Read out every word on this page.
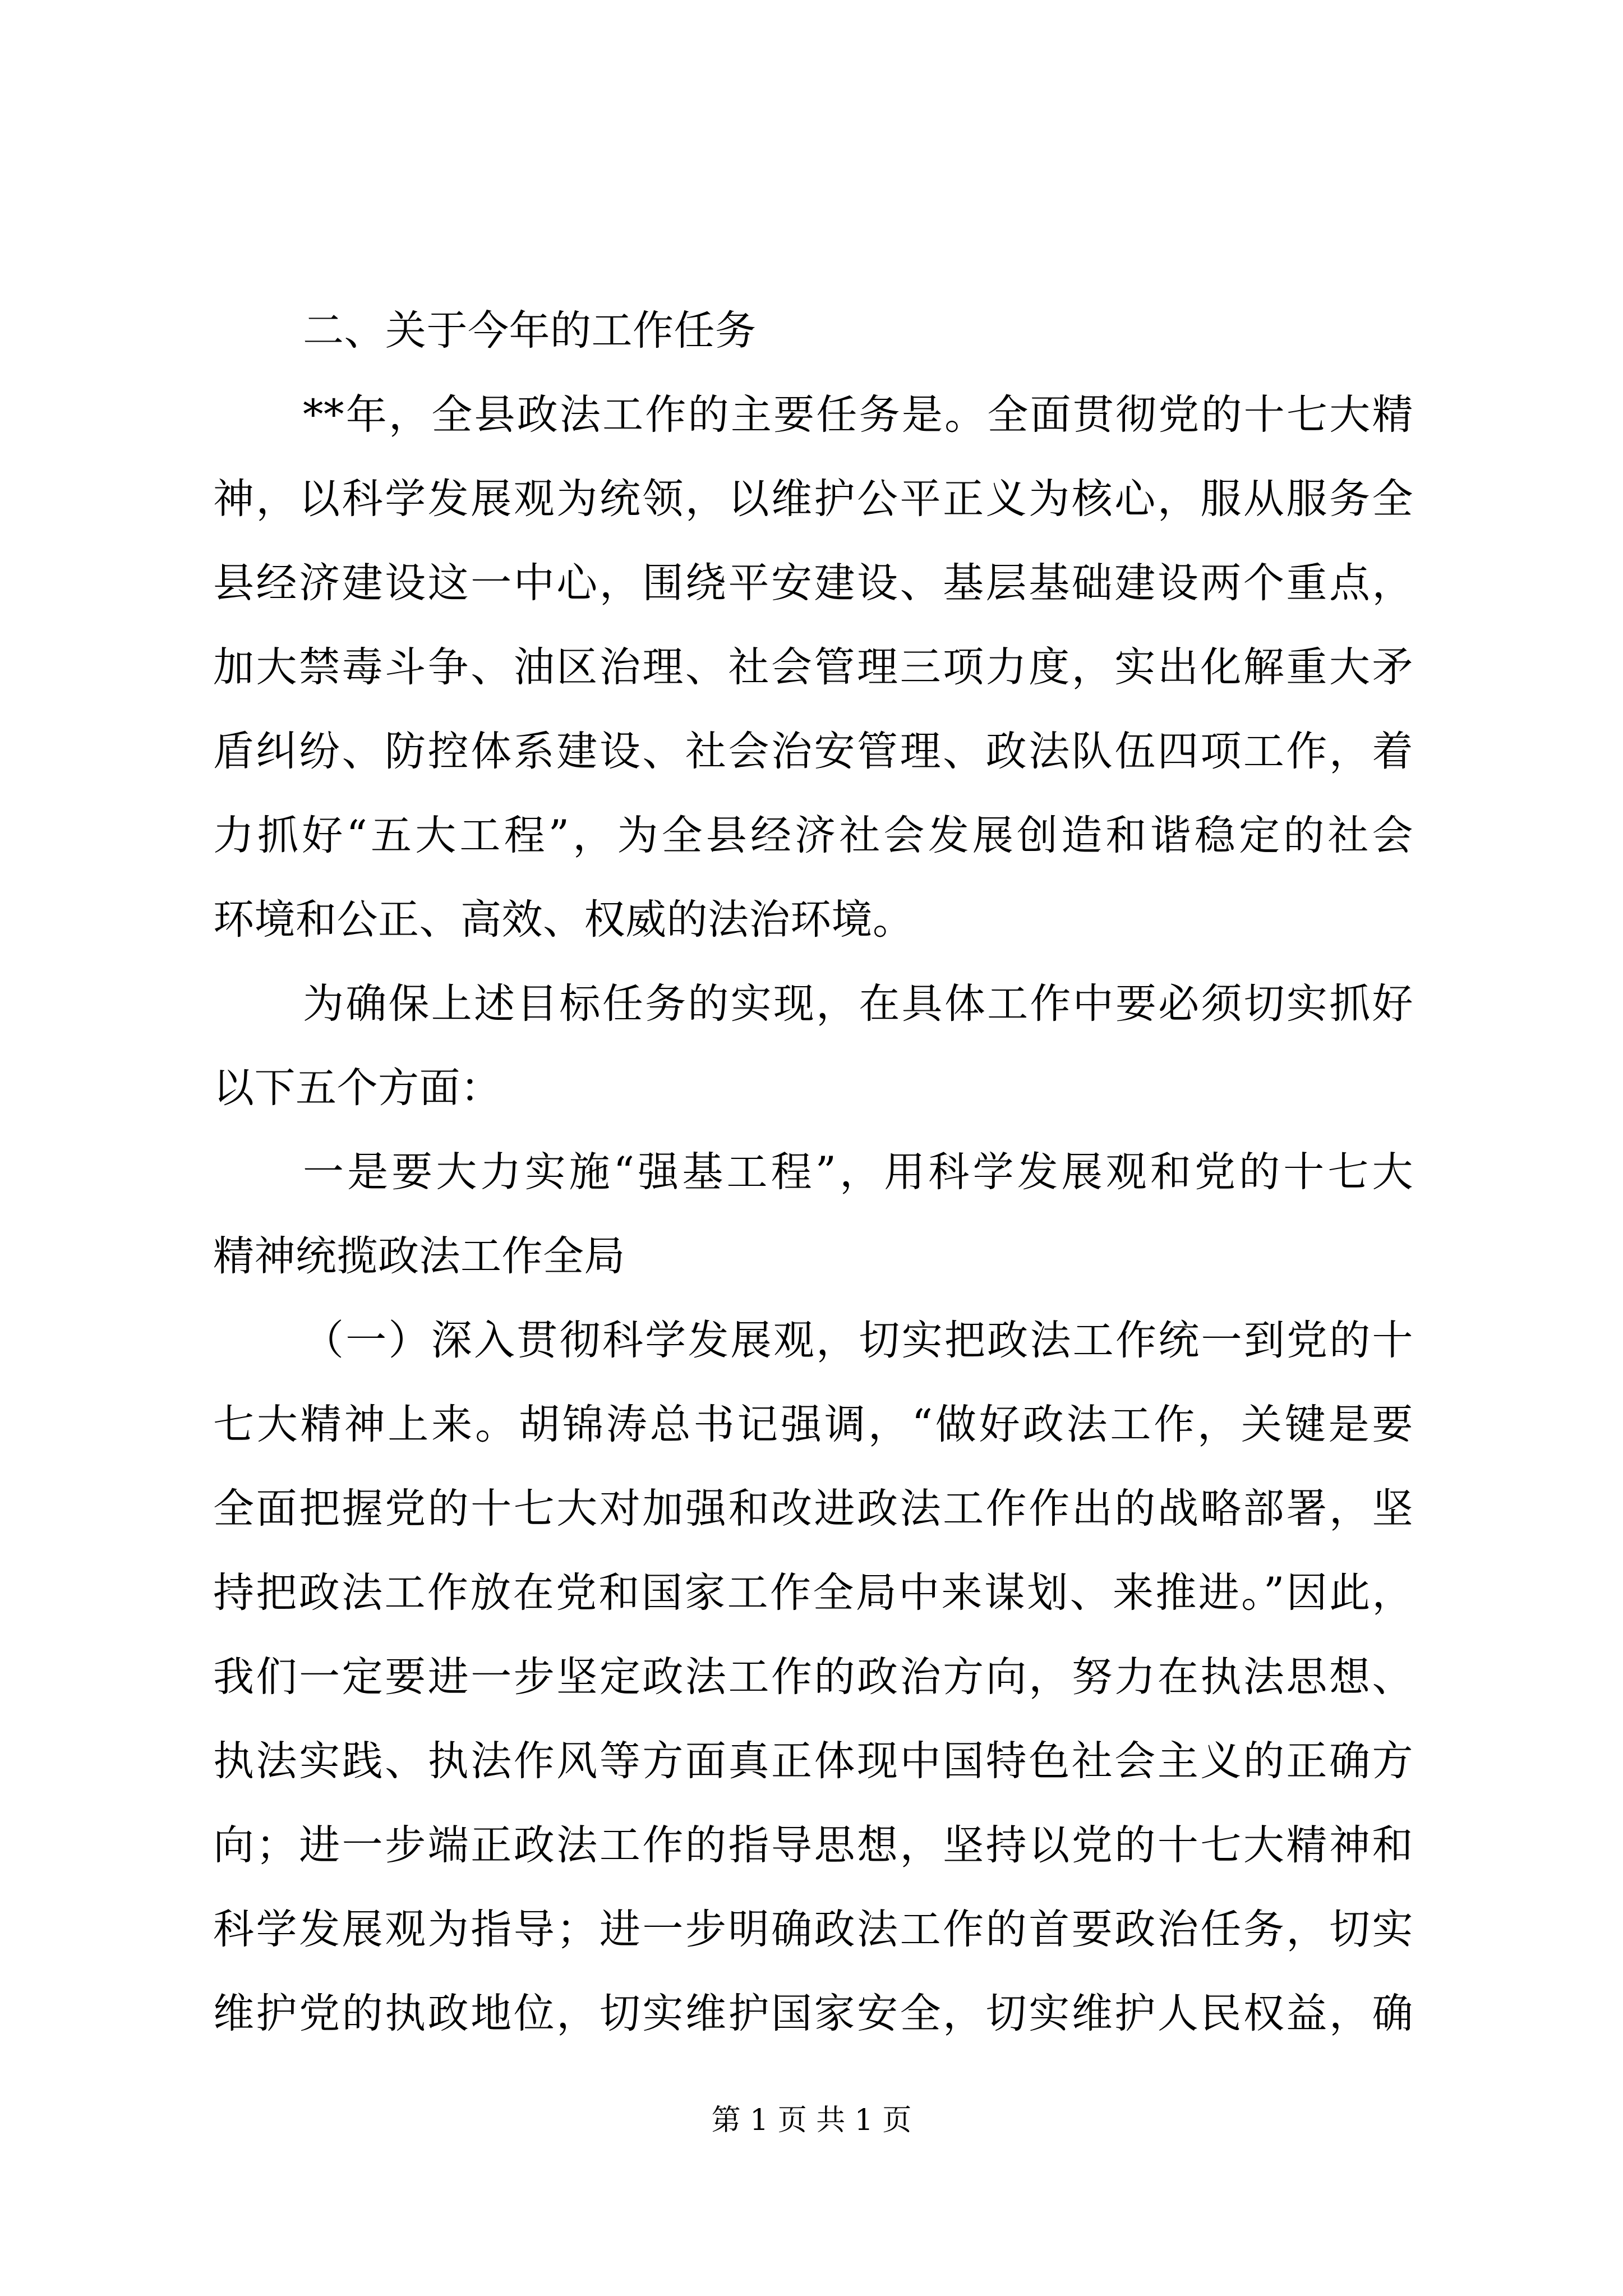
二、关于今年的工作任务
**年，全县政法工作的主要任务是。全面贯彻党的十七大精
神，以科学发展观为统领，以维护公平正义为核心，服从服务全
县经济建设这一中心，围绕平安建设、基层基础建设两个重点，
加大禁毒斗争、油区治理、社会管理三项力度，实出化解重大矛
盾纠纷、防控体系建设、社会治安管理、政法队伍四项工作，着
力抓好“五大工程”，为全县经济社会发展创造和谐稳定的社会
环境和公正、高效、权威的法治环境。
为确保上述目标任务的实现，在具体工作中要必须切实抓好
以下五个方面：
一是要大力实施“强基工程”，用科学发展观和党的十七大
精神统揽政法工作全局
（一）深入贯彻科学发展观，切实把政法工作统一到党的十
七大精神上来。胡锦涛总书记强调，“做好政法工作，关键是要
全面把握党的十七大对加强和改进政法工作作出的战略部署，坚
持把政法工作放在党和国家工作全局中来谋划、来推进。”因此，
我们一定要进一步坚定政法工作的政治方向，努力在执法思想、
执法实践、执法作风等方面真正体现中国特色社会主义的正确方
向；进一步端正政法工作的指导思想，坚持以党的十七大精神和
科学发展观为指导；进一步明确政法工作的首要政治任务，切实
维护党的执政地位，切实维护国家安全，切实维护人民权益，确
第 1 页 共 1 页
